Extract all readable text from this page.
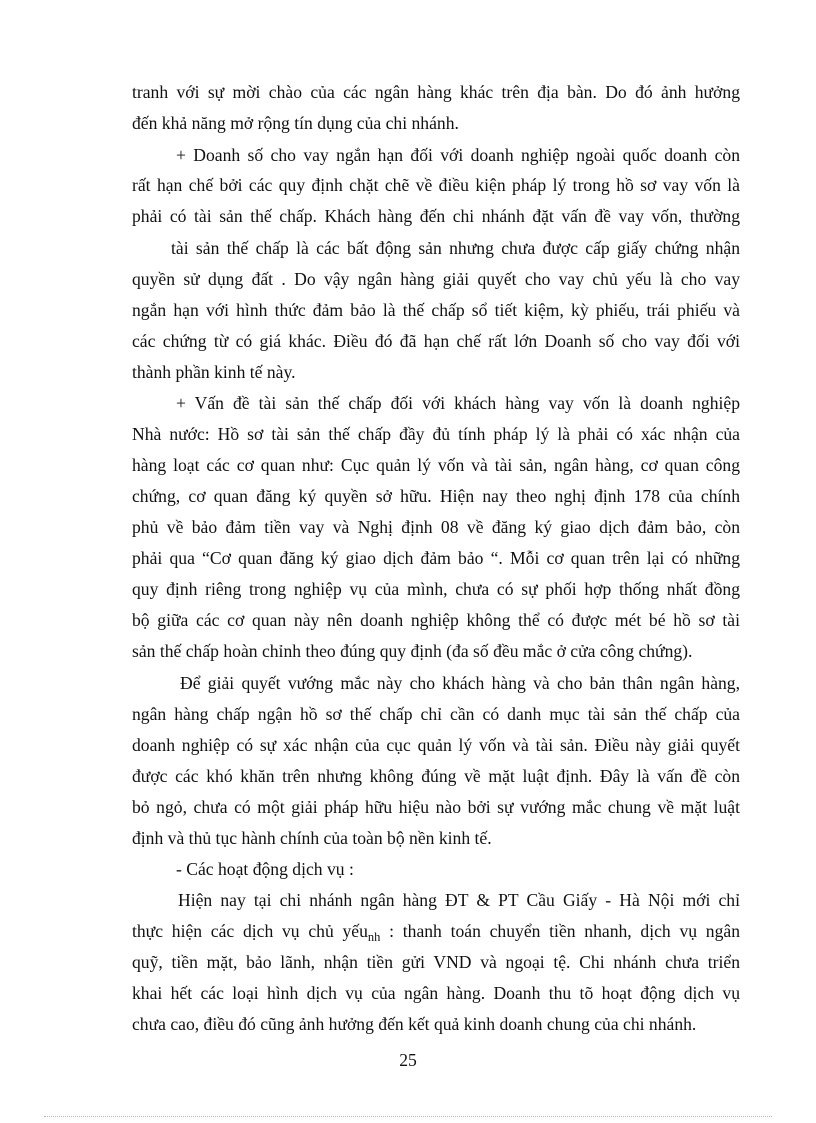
tranh với sự mời chào của các ngân hàng khác trên địa bàn. Do đó ảnh hưởng
đến khả năng mở rộng tín dụng của chi nhánh.
+ Doanh số cho vay ngắn hạn đối với doanh nghiệp ngoài quốc doanh còn
rất hạn chế bởi các quy định chặt chẽ về điều kiện pháp lý trong hồ sơ vay vốn là
phải có tài sản thế chấp. Khách hàng đến chi nhánh đặt vấn đề vay vốn, thường
tài sản thế chấp là các bất động sản nhưng chưa được cấp giấy chứng nhận
quyền sử dụng đất . Do vậy ngân hàng giải quyết cho vay chủ yếu là cho vay
ngắn hạn với hình thức đảm bảo là thế chấp sổ tiết kiệm, kỳ phiếu, trái phiếu và
các chứng từ có giá khác. Điều đó đã hạn chế rất lớn Doanh số cho vay đối với
thành phần kinh tế này.
+ Vấn đề tài sản thế chấp đối với khách hàng vay vốn là doanh nghiệp
Nhà nước: Hồ sơ tài sản thế chấp đầy đủ tính pháp lý là phải có xác nhận của
hàng loạt các cơ quan như: Cục quản lý vốn và tài sản, ngân hàng, cơ quan công
chứng, cơ quan đăng ký quyền sở hữu. Hiện nay theo nghị định 178 của chính
phủ về bảo đảm tiền vay và Nghị định 08 về đăng ký giao dịch đảm bảo, còn
phải qua “Cơ quan đăng ký giao dịch đảm bảo “. Mỗi cơ quan trên lại có những
quy định riêng trong nghiệp vụ của mình, chưa có sự phối hợp thống nhất đồng
bộ giữa các cơ quan này nên doanh nghiệp không thể có được mét bé hồ sơ tài
sản thế chấp hoàn chỉnh theo đúng quy định (đa số đều mắc ở cửa công chứng).
Để giải quyết vướng mắc này cho khách hàng và cho bản thân ngân hàng,
ngân hàng chấp ngận hồ sơ thế chấp chỉ cần có danh mục tài sản thế chấp của
doanh nghiệp có sự xác nhận của cục quản lý vốn và tài sản. Điều này giải quyết
được các khó khăn trên nhưng không đúng về mặt luật định. Đây là vấn đề còn
bỏ ngỏ, chưa có một giải pháp hữu hiệu nào bởi sự vướng mắc chung về mặt luật
định và thủ tục hành chính của toàn bộ nền kinh tế.
- Các hoạt động dịch vụ :
Hiện nay tại chi nhánh ngân hàng ĐT & PT Cầu Giấy - Hà Nội mới chỉ
thực hiện các dịch vụ chủ yếu$_{nh}$ : thanh toán chuyển tiền nhanh, dịch vụ ngân
quỹ, tiền mặt, bảo lãnh, nhận tiền gửi VND và ngoại tệ. Chi nhánh chưa triển
khai hết các loại hình dịch vụ của ngân hàng. Doanh thu tõ hoạt động dịch vụ
chưa cao, điều đó cũng ảnh hưởng đến kết quả kinh doanh chung của chi nhánh.
25
